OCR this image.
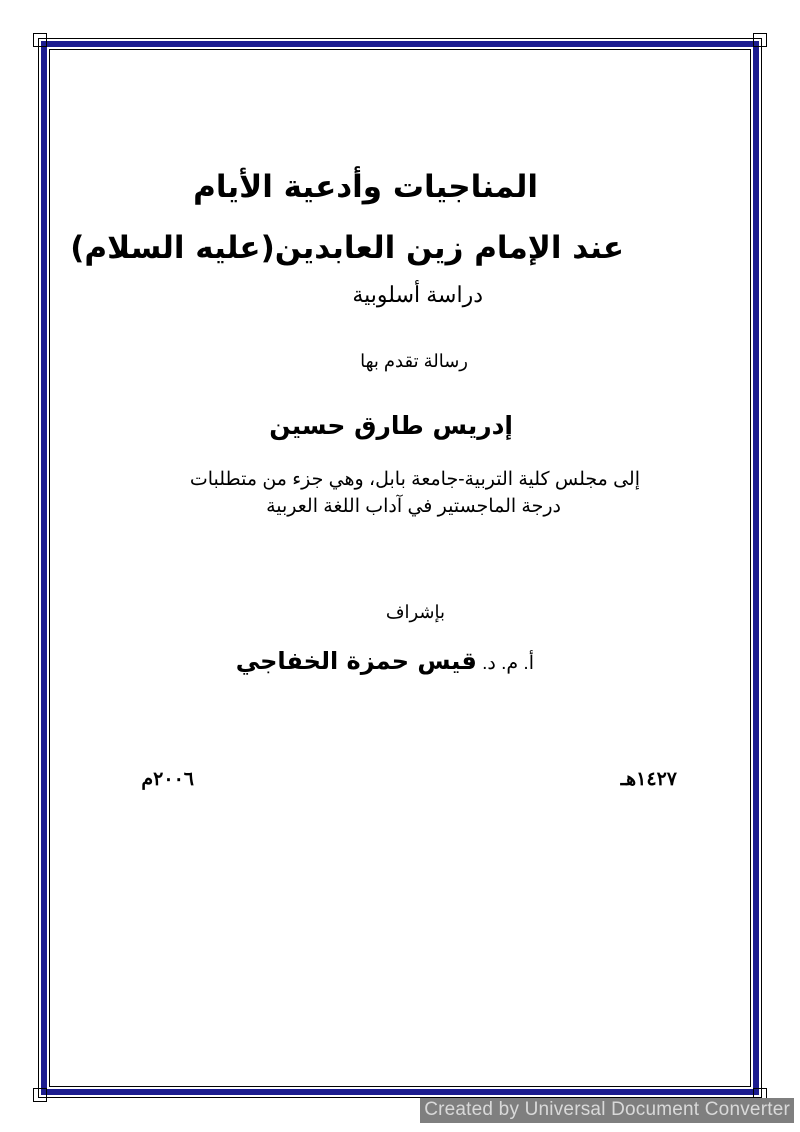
المناجيات وأدعية الأيام
عند الإمام زين العابدين(عليه السلام)
دراسة أسلوبية
رسالة تقدم بها
إدريس طارق حسين
إلى مجلس كلية التربية-جامعة بابل، وهي جزء من متطلبات
درجة الماجستير في آداب اللغة العربية
بإشراف
أ. م. د. قيس حمزة الخفاجي
١٤٢٧هـ
٢٠٠٦م
Created by Universal Document Converter
